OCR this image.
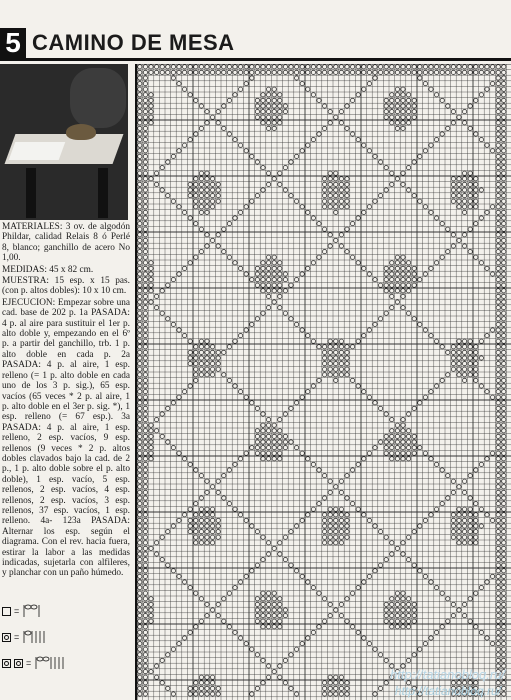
5 CAMINO DE MESA

MATERIALES: 3 ov. de algodón Phildar, calidad Relais 8 ó Perlé 8, blanco; ganchillo de acero No 1,00.

MEDIDAS: 45 x 82 cm.

MUESTRA: 15 esp. x 15 pas. (con p. altos dobles): 10 x 10 cm.

EJECUCION: Empezar sobre una cad. base de 202 p. 1a PASADA: 4 p. al aire para sustituir el 1er p. alto doble y, empezando en el 6º p. a partir del ganchillo, trb. 1 p. alto doble en cada p. 2a PASADA: 4 p. al aire, 1 esp. relleno (= 1 p. alto doble en cada uno de los 3 p. sig.), 65 esp. vacíos (65 veces * 2 p. al aire, 1 p. alto doble en el 3er p. sig. *), 1 esp. relleno (= 67 esp.). 3a PASADA: 4 p. al aire, 1 esp. relleno, 2 esp. vacíos, 9 esp. rellenos (9 veces * 2 p. altos dobles clavados bajo la cad. de 2 p., 1 p. alto doble sobre el p. alto doble), 1 esp. vacío, 5 esp. rellenos, 2 esp. vacíos, 4 esp. rellenos, 2 esp. vacíos, 3 esp. rellenos, 37 esp. vacíos, 1 esp. relleno. 4a- 123a PASADA: Alternar los esp. según el diagrama. Con el rev. hacia fuera, estirar la labor a las medidas indicadas, sujetarla con alfileres, y planchar con un paño húmedo.

=
=
=
http://tatianobloq.ru/
http://tatianobloq.ru/
